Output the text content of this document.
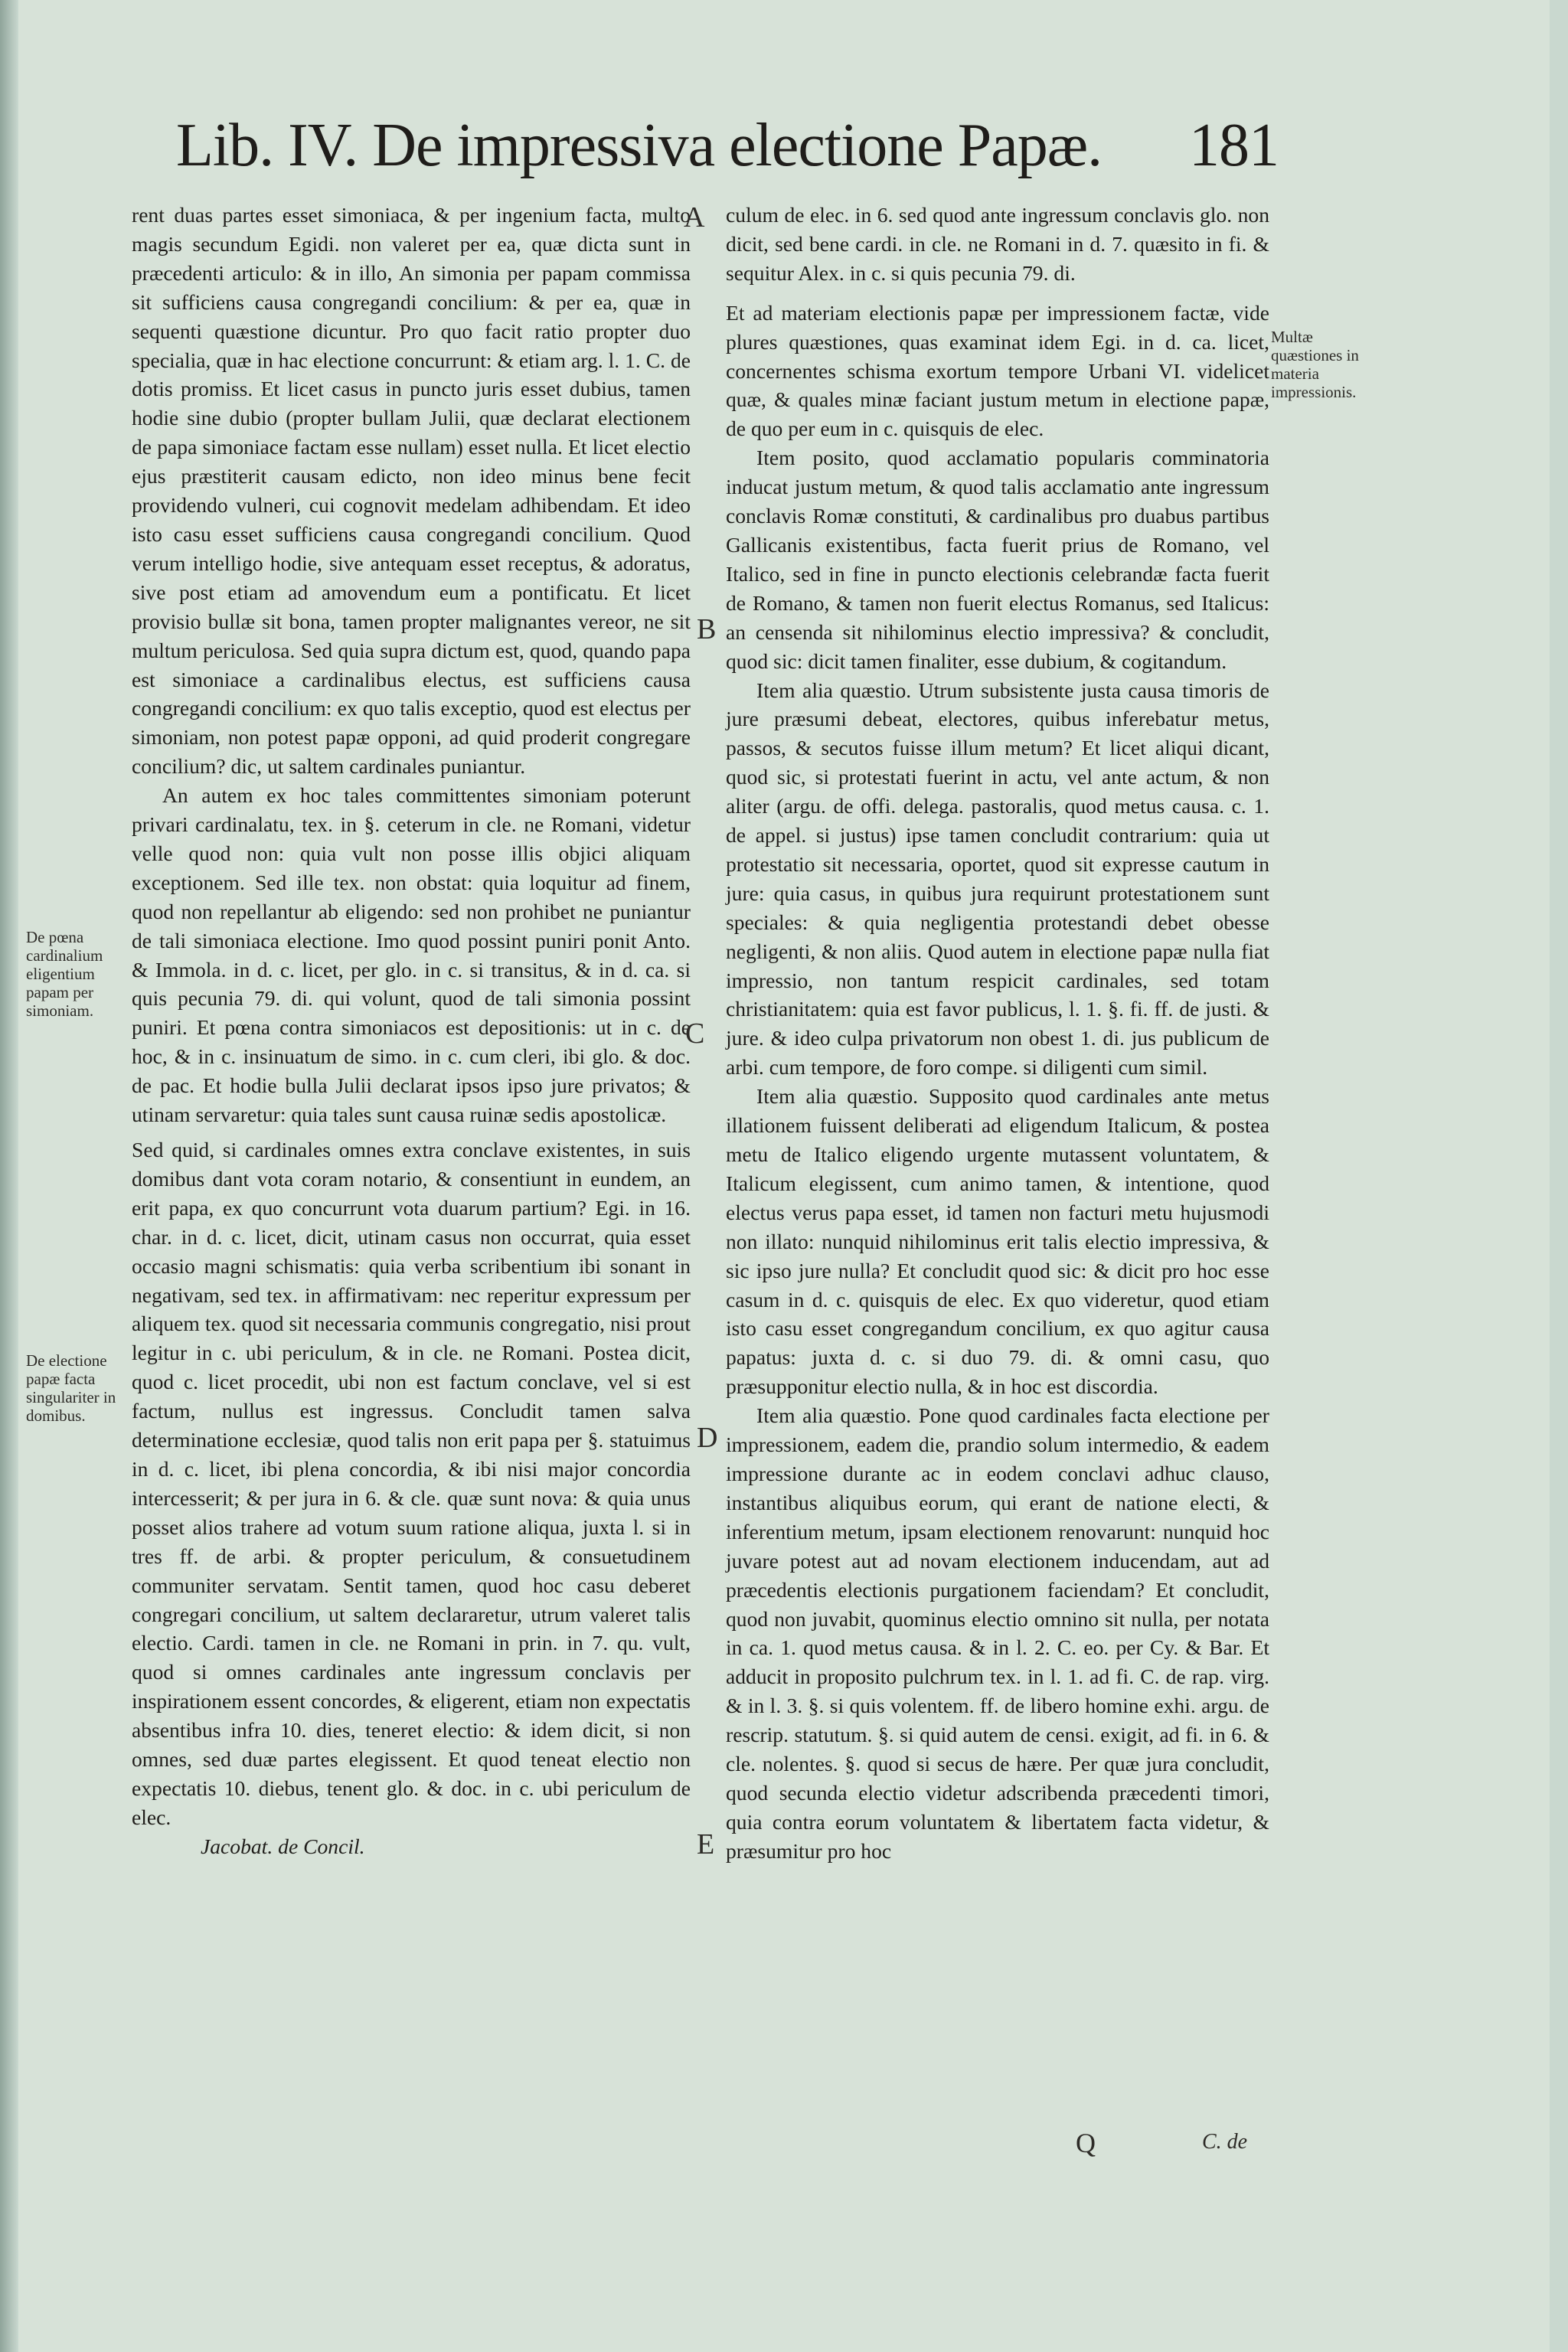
Lib. IV. De impressiva electione Papæ. 181

rent duas partes esset simoniaca, & per ingenium facta, multo magis secundum Egidi. non valeret per ea, quæ dicta sunt in præcedenti articulo: & in illo, An simonia per papam commissa sit sufficiens causa congregandi concilium: & per ea, quæ in sequenti quæstione dicuntur. Pro quo facit ratio propter duo specialia, quæ in hac electione concurrunt: & etiam arg. l. 1. C. de dotis promiss. Et licet casus in puncto juris esset dubius, tamen hodie sine dubio (propter bullam Julii, quæ declarat electionem de papa simoniace factam esse nullam) esset nulla. Et licet electio ejus præstiterit causam edicto, non ideo minus bene fecit providendo vulneri, cui cognovit medelam adhibendam. Et ideo isto casu esset sufficiens causa congregandi concilium. Quod verum intelligo hodie, sive antequam esset receptus, & adoratus, sive post etiam ad amovendum eum a pontificatu. Et licet provisio bullæ sit bona, tamen propter malignantes vereor, ne sit multum periculosa. Sed quia supra dictum est, quod, quando papa est simoniace a cardinalibus electus, est sufficiens causa congregandi concilium: ex quo talis exceptio, quod est electus per simoniam, non potest papæ opponi, ad quid proderit congregare concilium? dic, ut saltem cardinales puniantur.

An autem ex hoc tales committentes simoniam poterunt privari cardinalatu, tex. in §. ceterum in cle. ne Romani, videtur velle quod non: quia vult non posse illis objici aliquam exceptionem. Sed ille tex. non obstat: quia loquitur ad finem, quod non repellantur ab eligendo: sed non prohibet ne puniantur de tali simoniaca electione. Imo quod possint puniri ponit Anto. & Immola. in d. c. licet, per glo. in c. si transitus, & in d. ca. si quis pecunia 79. di. qui volunt, quod de tali simonia possint puniri. Et pœna contra simoniacos est depositionis: ut in c. de hoc, & in c. insinuatum de simo. in c. cum cleri, ibi glo. & doc. de pac. Et hodie bulla Julii declarat ipsos ipso jure privatos; & utinam servaretur: quia tales sunt causa ruinæ sedis apostolicæ.

Sed quid, si cardinales omnes extra conclave existentes, in suis domibus dant vota coram notario, & consentiunt in eundem, an erit papa, ex quo concurrunt vota duarum partium? Egi. in 16. char. in d. c. licet, dicit, utinam casus non occurrat, quia esset occasio magni schismatis: quia verba scribentium ibi sonant in negativam, sed tex. in affirmativam: nec reperitur expressum per aliquem tex. quod sit necessaria communis congregatio, nisi prout legitur in c. ubi periculum, & in cle. ne Romani. Postea dicit, quod c. licet procedit, ubi non est factum conclave, vel si est factum, nullus est ingressus. Concludit tamen salva determinatione ecclesiæ, quod talis non erit papa per §. statuimus in d. c. licet, ibi plena concordia, & ibi nisi major concordia intercesserit; & per jura in 6. & cle. quæ sunt nova: & quia unus posset alios trahere ad votum suum ratione aliqua, juxta l. si in tres ff. de arbi. & propter periculum, & consuetudinem communiter servatam. Sentit tamen, quod hoc casu deberet congregari concilium, ut saltem declararetur, utrum valeret talis electio. Cardi. tamen in cle. ne Romani in prin. in 7. qu. vult, quod si omnes cardinales ante ingressum conclavis per inspirationem essent concordes, & eligerent, etiam non expectatis absentibus infra 10. dies, teneret electio: & idem dicit, si non omnes, sed duæ partes elegissent. Et quod teneat electio non expectatis 10. diebus, tenent glo. & doc. in c. ubi periculum de elec.

Jacobat. de Concil.

culum de elec. in 6. sed quod ante ingressum conclavis glo. non dicit, sed bene cardi. in cle. ne Romani in d. 7. quæsito in fi. & sequitur Alex. in c. si quis pecunia 79. di.

Et ad materiam electionis papæ per impressionem factæ, vide plures quæstiones, quas examinat idem Egi. in d. ca. licet, concernentes schisma exortum tempore Urbani VI. videlicet quæ, & quales minæ faciant justum metum in electione papæ, de quo per eum in c. quisquis de elec.

Item posito, quod acclamatio popularis comminatoria inducat justum metum, & quod talis acclamatio ante ingressum conclavis Romæ constituti, & cardinalibus pro duabus partibus Gallicanis existentibus, facta fuerit prius de Romano, vel Italico, sed in fine in puncto electionis celebrandæ facta fuerit de Romano, & tamen non fuerit electus Romanus, sed Italicus: an censenda sit nihilominus electio impressiva? & concludit, quod sic: dicit tamen finaliter, esse dubium, & cogitandum.

Item alia quæstio. Utrum subsistente justa causa timoris de jure præsumi debeat, electores, quibus inferebatur metus, passos, & secutos fuisse illum metum? Et licet aliqui dicant, quod sic, si protestati fuerint in actu, vel ante actum, & non aliter (argu. de offi. delega. pastoralis, quod metus causa. c. 1. de appel. si justus) ipse tamen concludit contrarium: quia ut protestatio sit necessaria, oportet, quod sit expresse cautum in jure: quia casus, in quibus jura requirunt protestationem sunt speciales: & quia negligentia protestandi debet obesse negligenti, & non aliis. Quod autem in electione papæ nulla fiat impressio, non tantum respicit cardinales, sed totam christianitatem: quia est favor publicus, l. 1. §. fi. ff. de justi. & jure. & ideo culpa privatorum non obest 1. di. jus publicum de arbi. cum tempore, de foro compe. si diligenti cum simil.

Item alia quæstio. Supposito quod cardinales ante metus illationem fuissent deliberati ad eligendum Italicum, & postea metu de Italico eligendo urgente mutassent voluntatem, & Italicum elegissent, cum animo tamen, & intentione, quod electus verus papa esset, id tamen non facturi metu hujusmodi non illato: nunquid nihilominus erit talis electio impressiva, & sic ipso jure nulla? Et concludit quod sic: & dicit pro hoc esse casum in d. c. quisquis de elec. Ex quo videretur, quod etiam isto casu esset congregandum concilium, ex quo agitur causa papatus: juxta d. c. si duo 79. di. & omni casu, quo præsupponitur electio nulla, & in hoc est discordia.

Item alia quæstio. Pone quod cardinales facta electione per impressionem, eadem die, prandio solum intermedio, & eadem impressione durante ac in eodem conclavi adhuc clauso, instantibus aliquibus eorum, qui erant de natione electi, & inferentium metum, ipsam electionem renovarunt: nunquid hoc juvare potest aut ad novam electionem inducendam, aut ad præcedentis electionis purgationem faciendam? Et concludit, quod non juvabit, quominus electio omnino sit nulla, per notata in ca. 1. quod metus causa. & in l. 2. C. eo. per Cy. & Bar. Et adducit in proposito pulchrum tex. in l. 1. ad fi. C. de rap. virg. & in l. 3. §. si quis volentem. ff. de libero homine exhi. argu. de rescrip. statutum. §. si quid autem de censi. exigit, ad fi. in 6. & cle. nolentes. §. quod si secus de hære. Per quæ jura concludit, quod secunda electio videtur adscribenda præcedenti timori, quia contra eorum voluntatem & libertatem facta videtur, & præsumitur pro hoc

De pœna cardinalium eligentium papam per simoniam.
De electione papæ facta singulariter in domibus.
Multæ quæstiones in materia impressionis.
A
B
C
D
E
Q	C. de
